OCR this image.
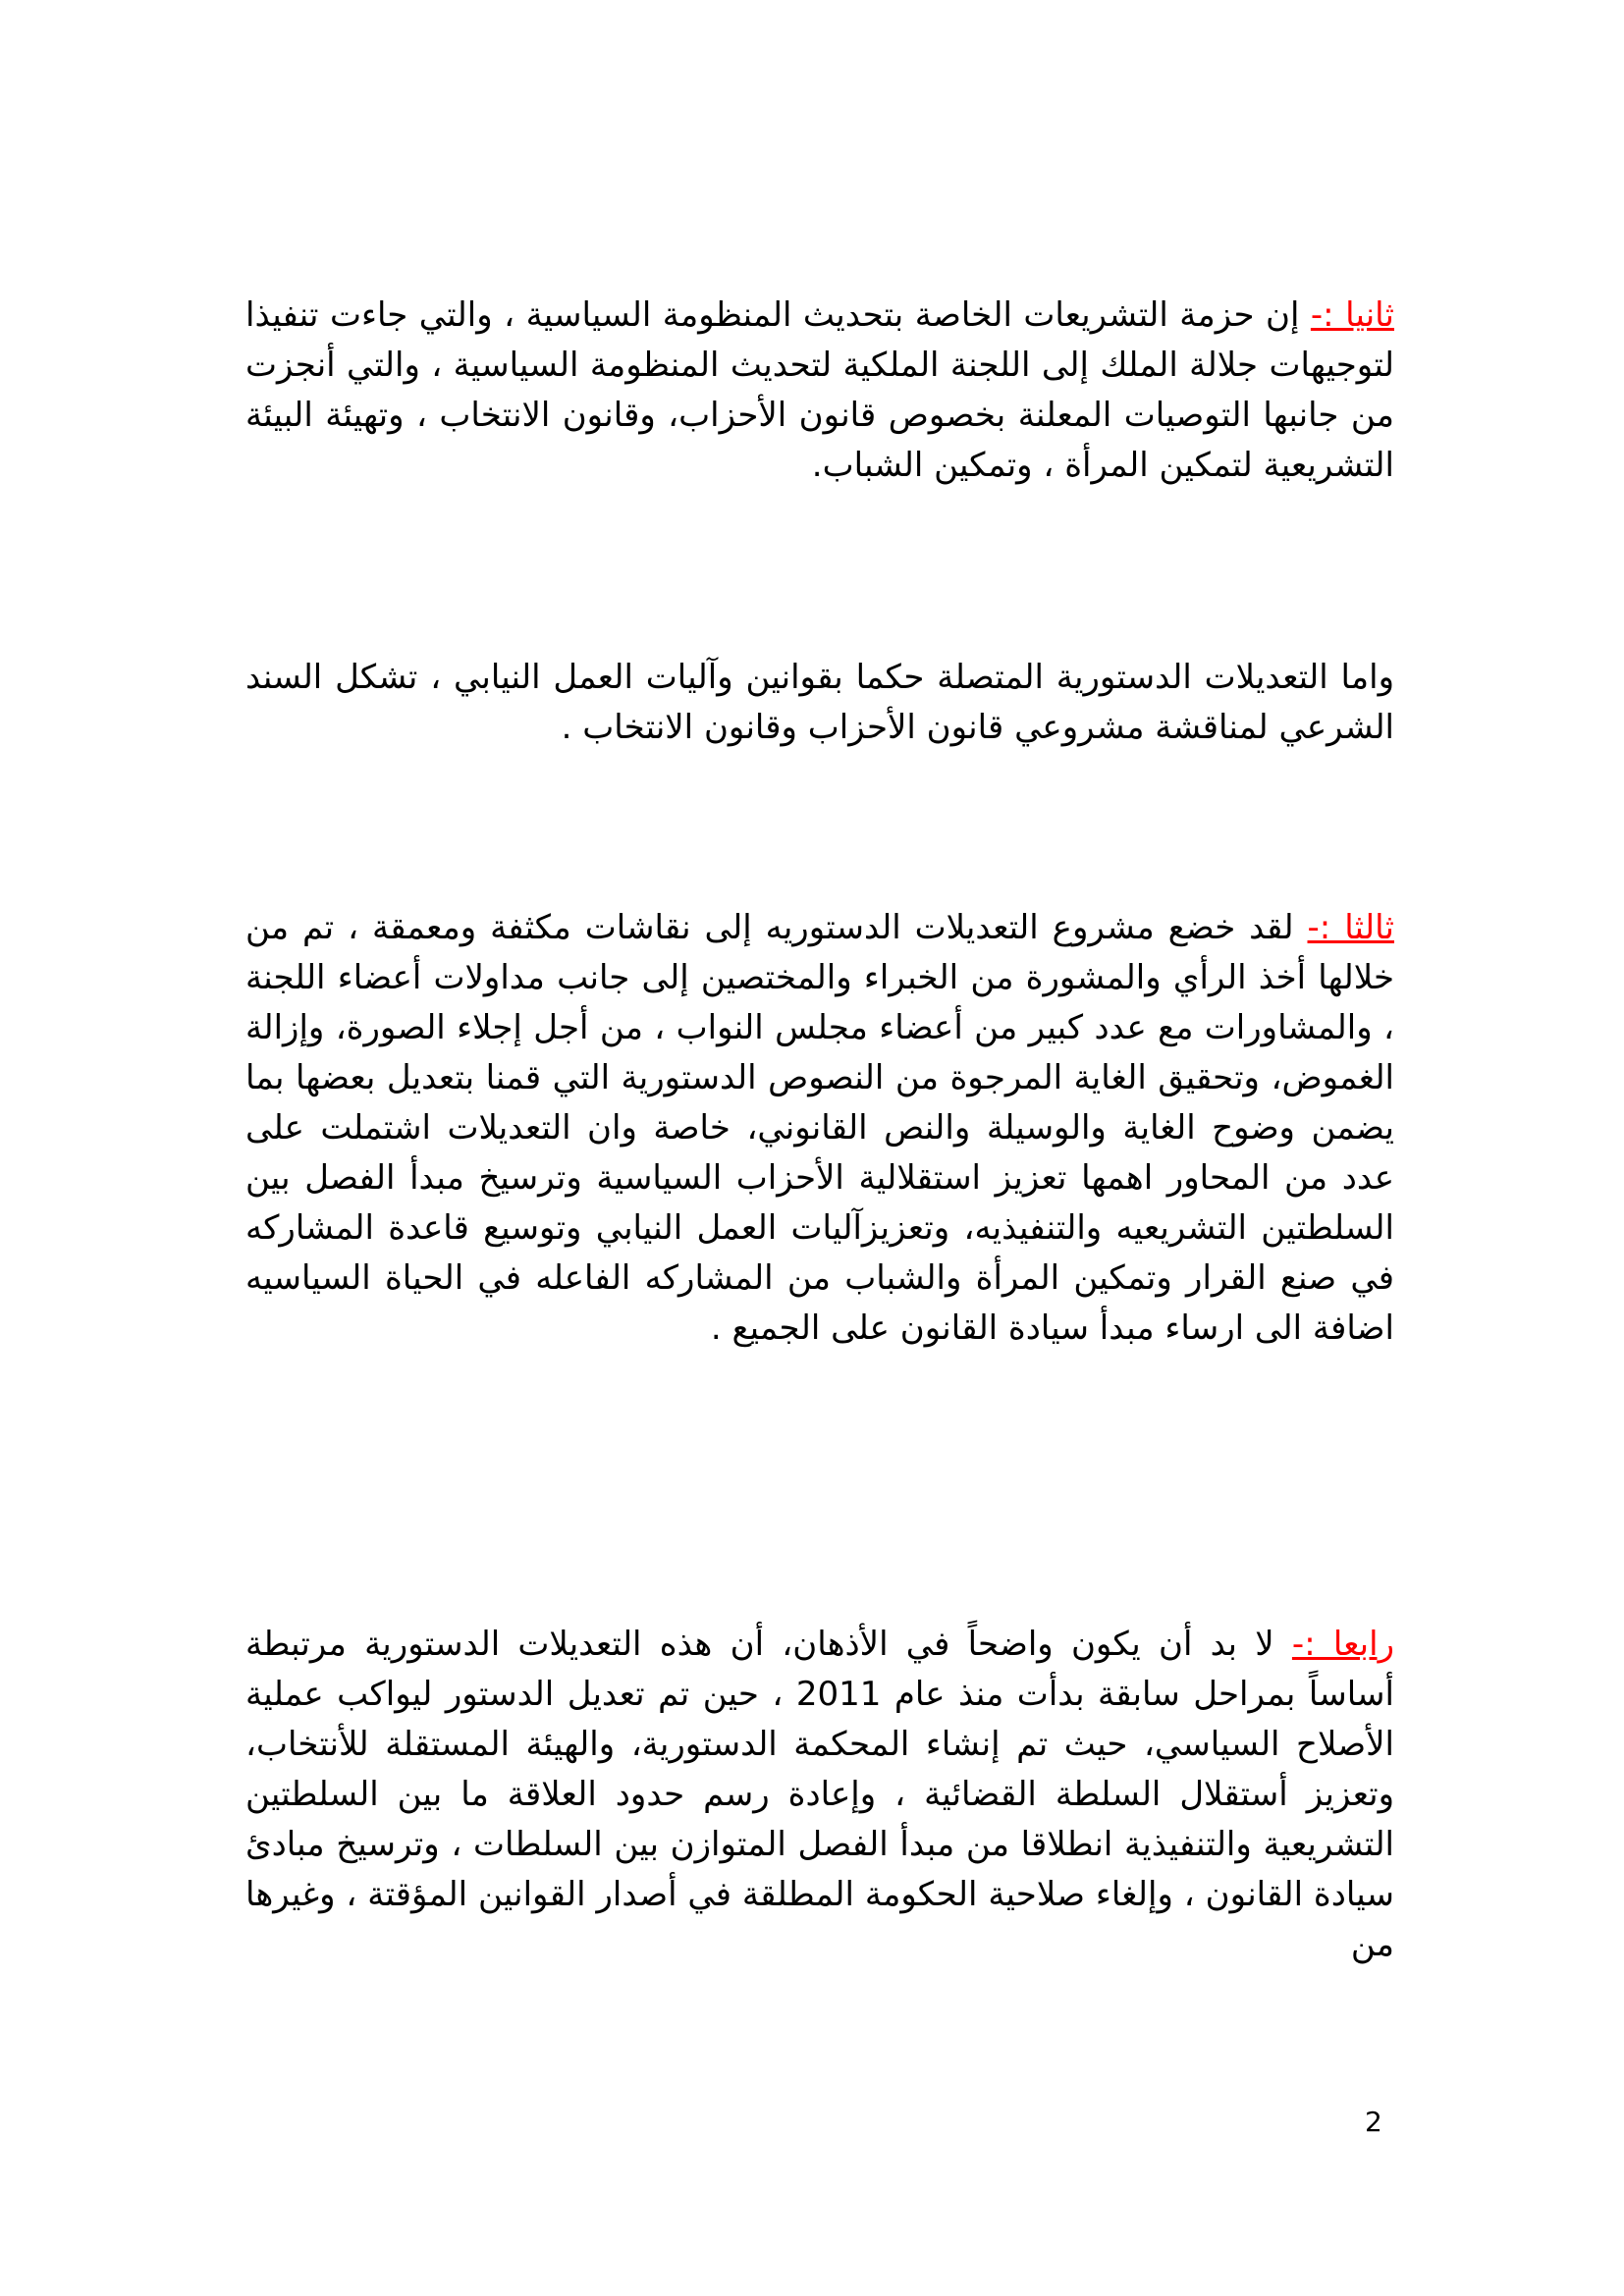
ثانيا :- إن حزمة التشريعات الخاصة بتحديث المنظومة السياسية ، والتي جاءت تنفيذا لتوجيهات جلالة الملك إلى اللجنة الملكية لتحديث المنظومة السياسية ، والتي أنجزت من جانبها التوصيات المعلنة بخصوص قانون الأحزاب، وقانون الانتخاب ، وتهيئة البيئة التشريعية لتمكين المرأة ، وتمكين الشباب.

واما التعديلات الدستورية المتصلة حكما بقوانين وآليات العمل النيابي ، تشكل السند الشرعي لمناقشة مشروعي قانون الأحزاب وقانون الانتخاب .

ثالثا :- لقد خضع مشروع التعديلات الدستوريه إلى نقاشات مكثفة ومعمقة ، تم من خلالها أخذ الرأي والمشورة من الخبراء والمختصين إلى جانب مداولات أعضاء اللجنة ، والمشاورات مع عدد كبير من أعضاء مجلس النواب ، من أجل إجلاء الصورة، وإزالة الغموض، وتحقيق الغاية المرجوة من النصوص الدستورية التي قمنا بتعديل بعضها بما يضمن وضوح الغاية والوسيلة والنص القانوني، خاصة وان التعديلات اشتملت على عدد من المحاور اهمها تعزيز استقلالية الأحزاب السياسية وترسيخ مبدأ الفصل بين السلطتين التشريعيه والتنفيذيه، وتعزيزآليات العمل النيابي وتوسيع قاعدة المشاركه في صنع القرار وتمكين المرأة والشباب من المشاركه الفاعله في الحياة السياسيه اضافة الى ارساء مبدأ سيادة القانون على الجميع .

رابعا :- لا بد أن يكون واضحاً في الأذهان، أن هذه التعديلات الدستورية مرتبطة أساساً بمراحل سابقة بدأت منذ عام 2011 ، حين تم تعديل الدستور ليواكب عملية الأصلاح السياسي، حيث تم إنشاء المحكمة الدستورية، والهيئة المستقلة للأنتخاب، وتعزيز أستقلال السلطة القضائية ، وإعادة رسم حدود العلاقة ما بين السلطتين التشريعية والتنفيذية انطلاقا من مبدأ الفصل المتوازن بين السلطات ، وترسيخ مبادئ سيادة القانون ، وإلغاء صلاحية الحكومة المطلقة في أصدار القوانين المؤقتة ، وغيرها من

2
